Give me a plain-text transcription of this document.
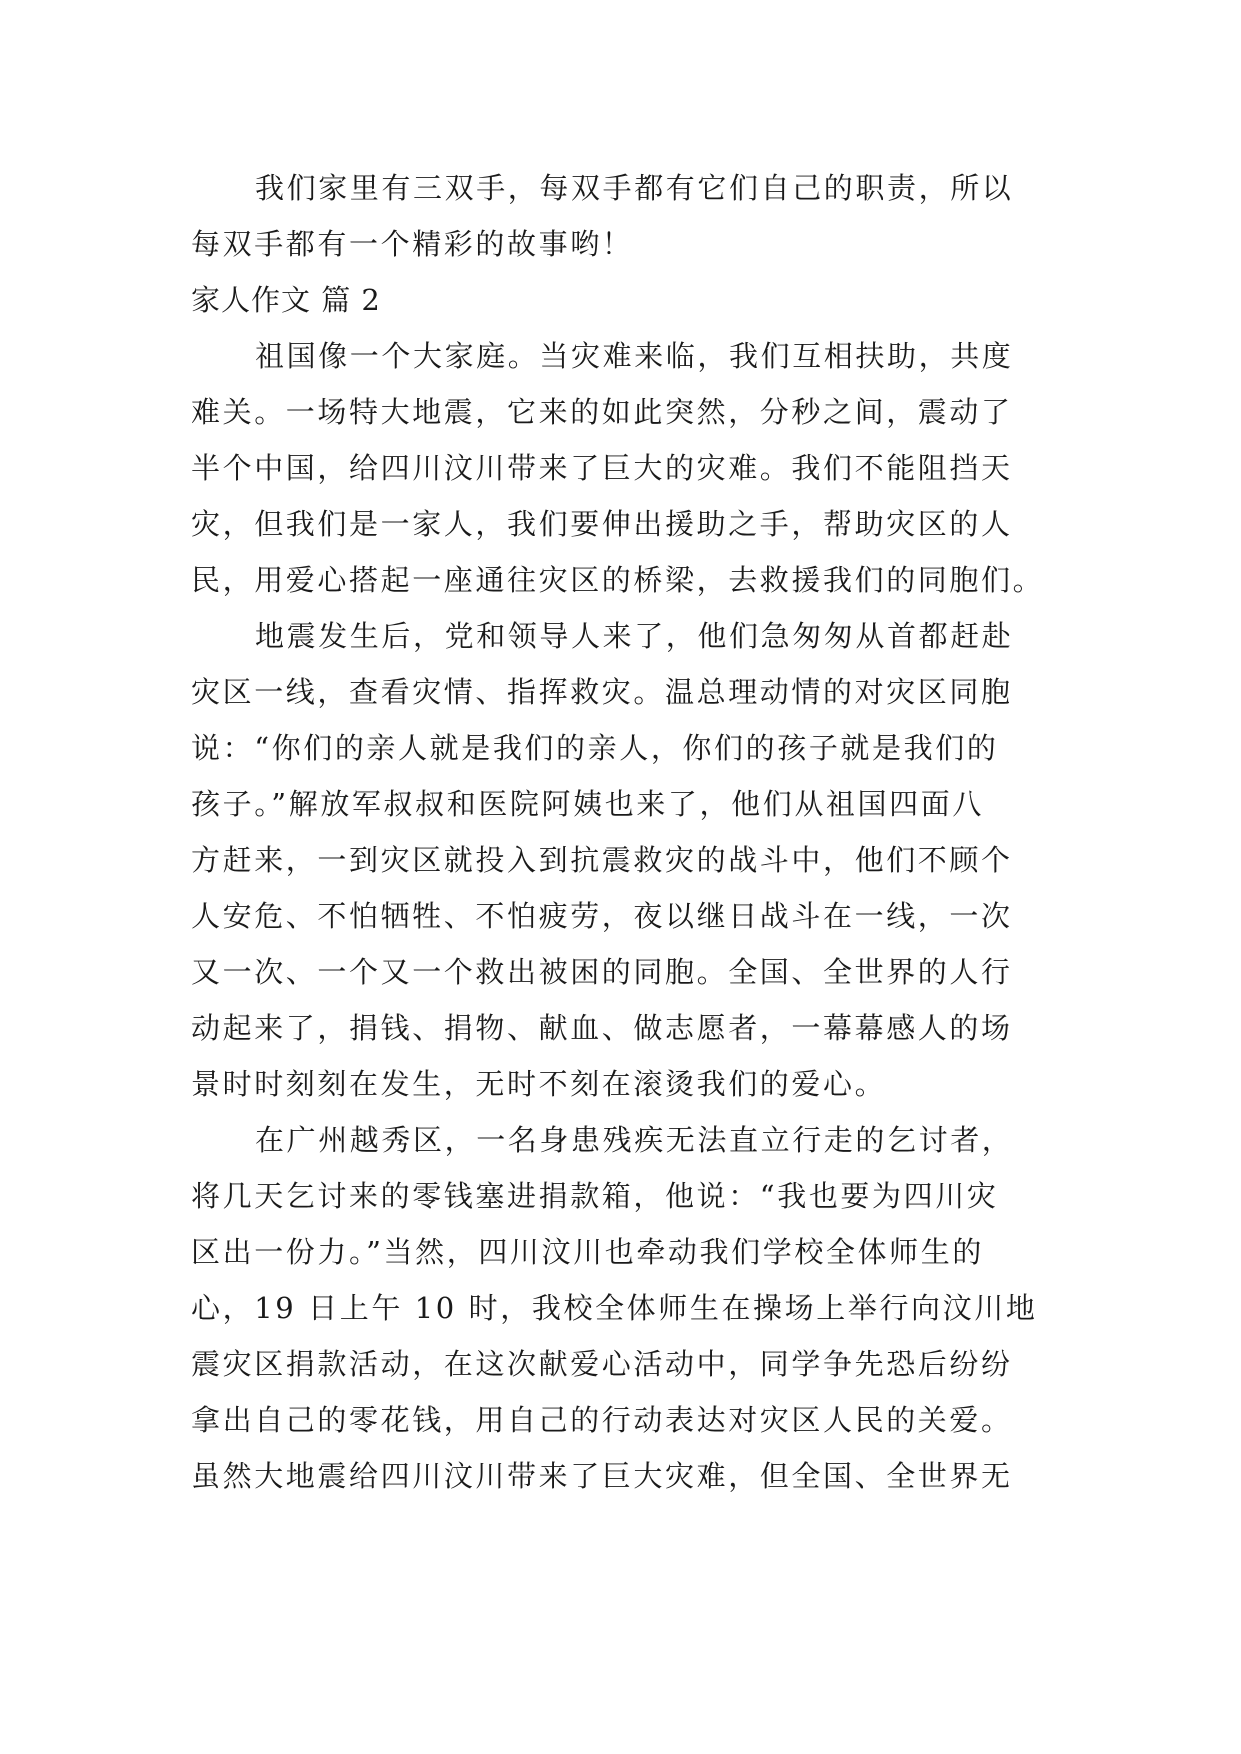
我们家里有三双手，每双手都有它们自己的职责，所以
每双手都有一个精彩的故事哟！
家人作文 篇 2
祖国像一个大家庭。当灾难来临，我们互相扶助，共度
难关。一场特大地震，它来的如此突然，分秒之间，震动了
半个中国，给四川汶川带来了巨大的灾难。我们不能阻挡天
灾，但我们是一家人，我们要伸出援助之手，帮助灾区的人
民，用爱心搭起一座通往灾区的桥梁，去救援我们的同胞们。
地震发生后，党和领导人来了，他们急匆匆从首都赶赴
灾区一线，查看灾情、指挥救灾。温总理动情的对灾区同胞
说：“你们的亲人就是我们的亲人，你们的孩子就是我们的
孩子。”解放军叔叔和医院阿姨也来了，他们从祖国四面八
方赶来，一到灾区就投入到抗震救灾的战斗中，他们不顾个
人安危、不怕牺牲、不怕疲劳，夜以继日战斗在一线，一次
又一次、一个又一个救出被困的同胞。全国、全世界的人行
动起来了，捐钱、捐物、献血、做志愿者，一幕幕感人的场
景时时刻刻在发生，无时不刻在滚烫我们的爱心。
在广州越秀区，一名身患残疾无法直立行走的乞讨者，
将几天乞讨来的零钱塞进捐款箱，他说：“我也要为四川灾
区出一份力。”当然，四川汶川也牵动我们学校全体师生的
心，19 日上午 10 时，我校全体师生在操场上举行向汶川地
震灾区捐款活动，在这次献爱心活动中，同学争先恐后纷纷
拿出自己的零花钱，用自己的行动表达对灾区人民的关爱。
虽然大地震给四川汶川带来了巨大灾难，但全国、全世界无
